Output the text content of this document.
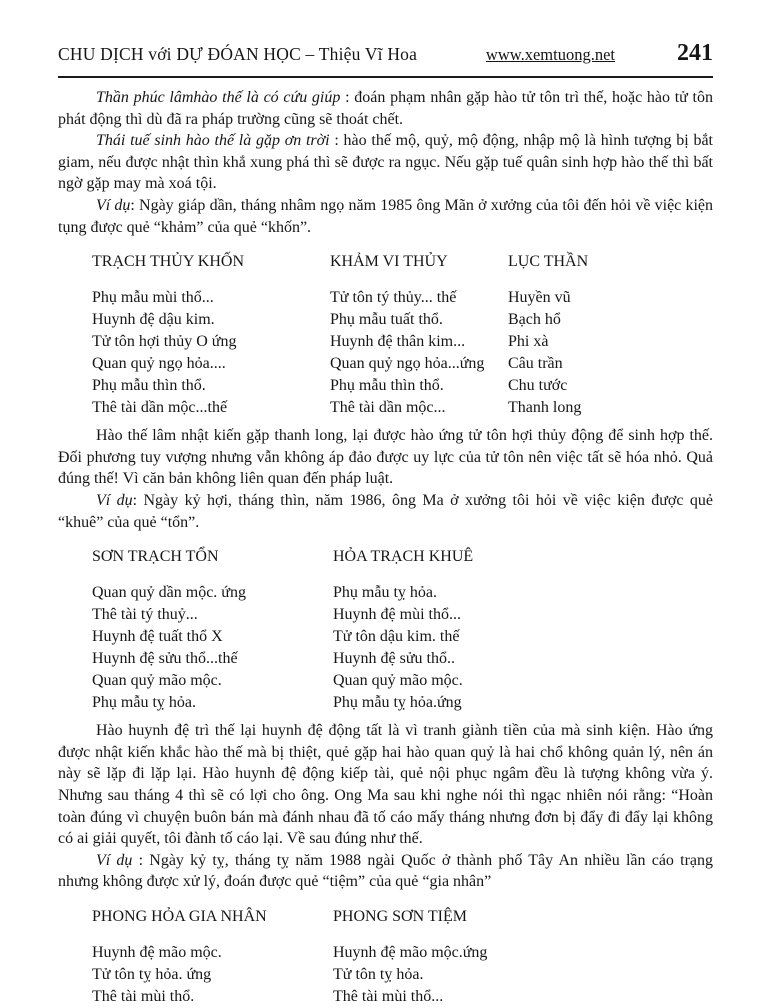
CHU DỊCH với DỰ ĐÓAN HỌC – Thiệu Vĩ Hoa	www.xemtuong.net	241

Thần phúc lâmhào thế là có cứu giúp : đoán phạm nhân gặp hào tử tôn trì thế, hoặc hào tử tôn phát động thì dù đã ra pháp trường cũng sẽ thoát chết.

Thái tuế sinh hào thế là gặp ơn trời : hào thế mộ, quỷ, mộ động, nhập mộ là hình tượng bị bắt giam, nếu được nhật thìn khắ xung phá thì sẽ được ra ngục. Nếu gặp tuế quân sinh hợp hào thế thì bất ngờ gặp may mà xoá tội.

Ví dụ: Ngày giáp dần, tháng nhâm ngọ năm 1985 ông Mãn ở xưởng của tôi đến hỏi về việc kiện tụng được quẻ “khảm” của quẻ “khốn”.

TRẠCH THỦY KHỐN	KHẢM VI THỦY	LỤC THẦN
Phụ mẫu mùi thổ...	Tử tôn tý thủy... thế	Huyền vũ
Huynh đệ dậu kim.	Phụ mẫu tuất thổ.	Bạch hổ
Tử tôn hợi thủy O ứng	Huynh đệ thân kim...	Phi xà
Quan quỷ ngọ hỏa....	Quan quỷ ngọ hỏa...ứng	Câu trần
Phụ mẫu thìn thổ.	Phụ mẫu thìn thổ.	Chu tước
Thê tài dần mộc...thế	Thê tài dần mộc...	Thanh long

Hào thế lâm nhật kiến gặp thanh long, lại được hào ứng tử tôn hợi thủy động để sinh hợp thế. Đối phương tuy vượng nhưng vẫn không áp đảo được uy lực của tử tôn nên việc tất sẽ hóa nhỏ. Quả đúng thế! Vì căn bản không liên quan đến pháp luật.

Ví dụ: Ngày kỷ hợi, tháng thìn, năm 1986, ông Ma ở xưởng tôi hỏi về việc kiện được quẻ “khuê” của quẻ “tổn”.

SƠN TRẠCH TỔN	HỎA TRẠCH KHUÊ
Quan quỷ dần mộc. ứng	Phụ mẫu tỵ hỏa.
Thê tài tý thuỷ...	Huynh đệ mùi thổ...
Huynh đệ tuất thổ X	Tử tôn dậu kim. thế
Huynh đệ sửu thổ...thế	Huynh đệ sửu thổ..
Quan quỷ mão mộc.	Quan quỷ mão mộc.
Phụ mẫu tỵ hỏa.	Phụ mẫu tỵ hỏa.ứng

Hào huynh đệ trì thế lại huynh đệ động tất là vì tranh giành tiền của mà sinh kiện. Hào ứng được nhật kiến khắc hào thế mà bị thiệt, quẻ gặp hai hào quan quỷ là hai chổ không quản lý, nên án này sẽ lặp đi lặp lại. Hào huynh đệ động kiếp tài, quẻ nội phục ngâm đều là tượng không vừa ý. Nhưng sau tháng 4 thì sẽ có lợi cho ông. Ong Ma sau khi nghe nói thì ngạc nhiên nói rằng: “Hoàn toàn đúng vì chuyện buôn bán mà đánh nhau đã tố cáo mấy tháng nhưng đơn bị đẩy đi đẩy lại không có ai giải quyết, tôi đành tố cáo lại. Về sau đúng như thế.

Ví dụ : Ngày kỷ tỵ, tháng tỵ năm 1988 ngài Quốc ở thành phố Tây An nhiều lần cáo trạng nhưng không được xử lý, đoán được quẻ “tiệm” của quẻ “gia nhân”

PHONG HỎA GIA NHÂN	PHONG SƠN TIỆM
Huynh đệ mão mộc.	Huynh đệ mão mộc.ứng
Tử tôn tỵ hỏa. ứng	Tử tôn tỵ hỏa.
Thê tài mùi thổ.	Thê tài mùi thổ...
